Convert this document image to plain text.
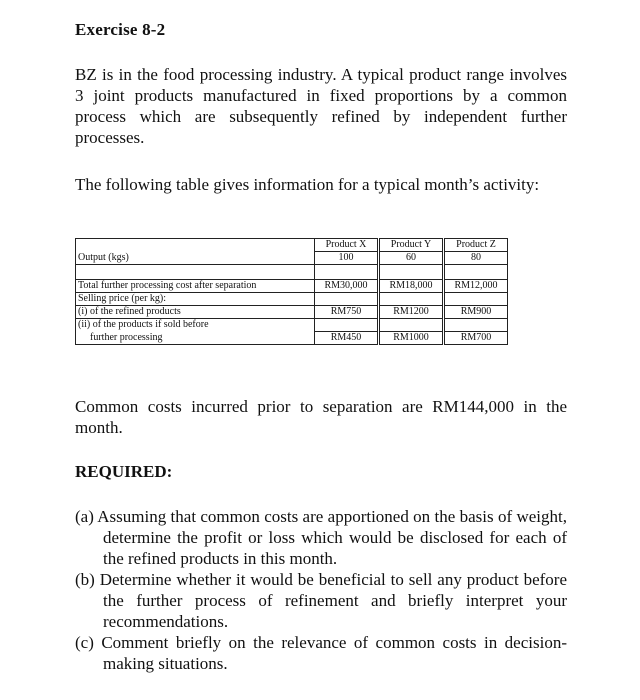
Exercise 8-2
BZ is in the food processing industry. A typical product range involves 3 joint products manufactured in fixed proportions by a common process which are subsequently refined by independent further processes.
The following table gives information for a typical month’s activity:
	Product X	Product Y	Product Z
Output (kgs)	100	60	80

Total further processing cost after separation	RM30,000	RM18,000	RM12,000
Selling price (per kg):			
(i) of the refined products	RM750	RM1200	RM900
(ii) of the products if sold before			
further processing	RM450	RM1000	RM700
Common costs incurred prior to separation are RM144,000 in the month.
REQUIRED:
(a) Assuming that common costs are apportioned on the basis of weight, determine the profit or loss which would be disclosed for each of the refined products in this month.
(b) Determine whether it would be beneficial to sell any product before the further process of refinement and briefly interpret your recommendations.
(c) Comment briefly on the relevance of common costs in decision-making situations.
